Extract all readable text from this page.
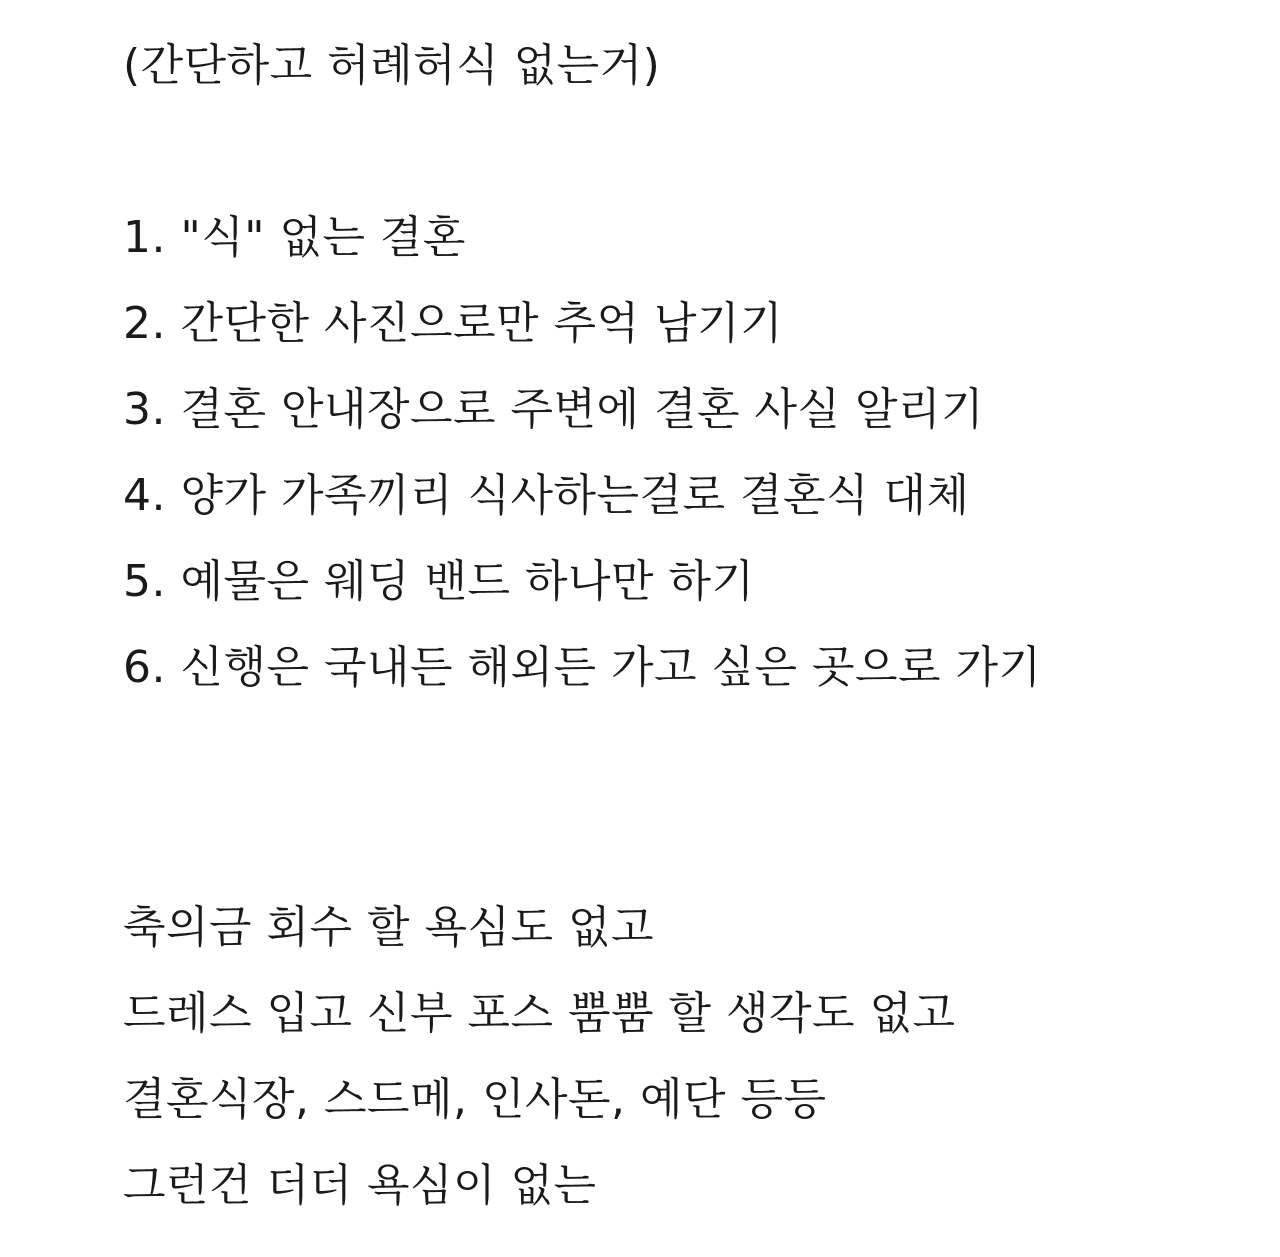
(간단하고 허례허식 없는거)
1. "식" 없는 결혼
2. 간단한 사진으로만 추억 남기기
3. 결혼 안내장으로 주변에 결혼 사실 알리기
4. 양가 가족끼리 식사하는걸로 결혼식 대체
5. 예물은 웨딩 밴드 하나만 하기
6. 신행은 국내든 해외든 가고 싶은 곳으로 가기
축의금 회수 할 욕심도 없고
드레스 입고 신부 포스 뿜뿜 할 생각도 없고
결혼식장, 스드메, 인사돈, 예단 등등
그런건 더더 욕심이 없는
